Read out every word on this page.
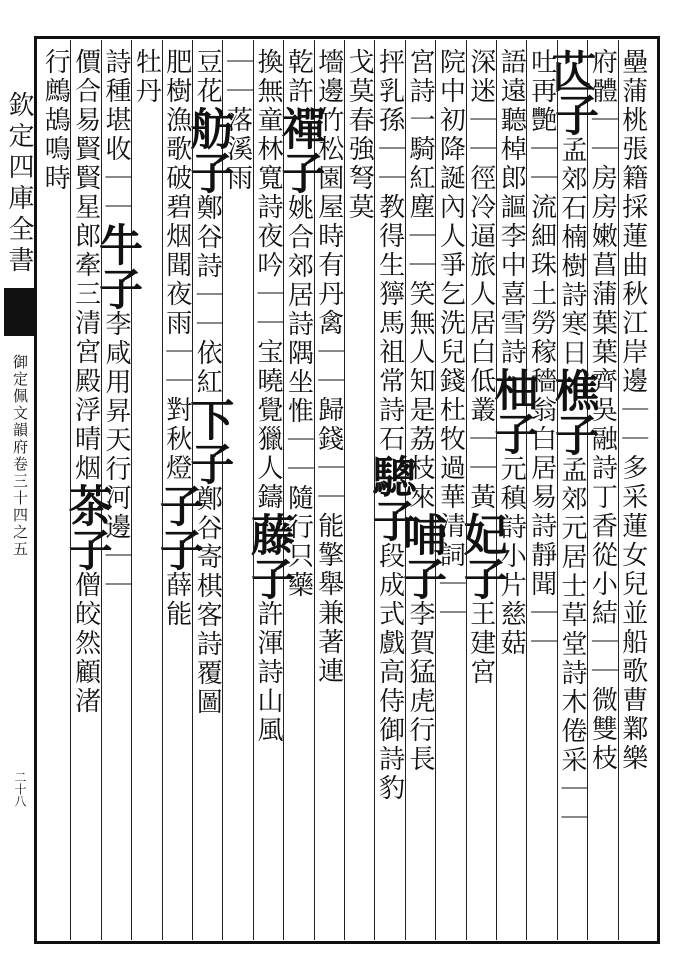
欽定四庫全書
御定佩文韻府卷三十四之五
二十八
壘蒲桃張籍採蓮曲秋江岸邊｜｜多采蓮女兒並船歌曹鄴樂
府體｜｜房房嫩菖蒲葉葉齊吳融詩丁香從小結｜｜微雙枝
𦬆子孟郊石楠樹詩寒日樵子孟郊元居士草堂詩木倦采｜｜
吐再艷｜｜流細珠土勞稼穡翁白居易詩靜聞｜｜
語遠聽棹郎謳李中喜雪詩柚子元稹詩小片慈菇
深迷｜｜徑冷逼旅人居白低叢｜｜黃妃子王建宮
院中初降誕內人爭乞洗兒錢杜牧過華清詞｜｜
宮詩一騎紅塵｜｜笑無人知是荔枝來哺子李賀猛虎行長
抨乳孫｜｜教得生獰馬祖常詩石驄子段成式戲高侍御詩豹
戈莫春強弩莫
墻邊竹松園屋時有丹禽｜｜歸錢｜｜能擎舉兼著連
乾許禪子姚合郊居詩隅坐惟｜｜隨行只藥
換無童林寬詩夜吟｜｜宝曉覺獵人鑄藤子許渾詩山風
｜｜落溪雨
豆花舫子鄭谷詩｜｜依紅下子鄭谷寄棋客詩覆圖
肥樹漁歌破碧烟聞夜雨｜｜對秋燈子子薛能
牡丹
詩種堪收｜｜牛子李咸用昇天行河邊｜｜
價合易賢賢星郎牽三清宮殿浮晴烟茶子僧皎然顧渚
行鷓鴣鳴時
